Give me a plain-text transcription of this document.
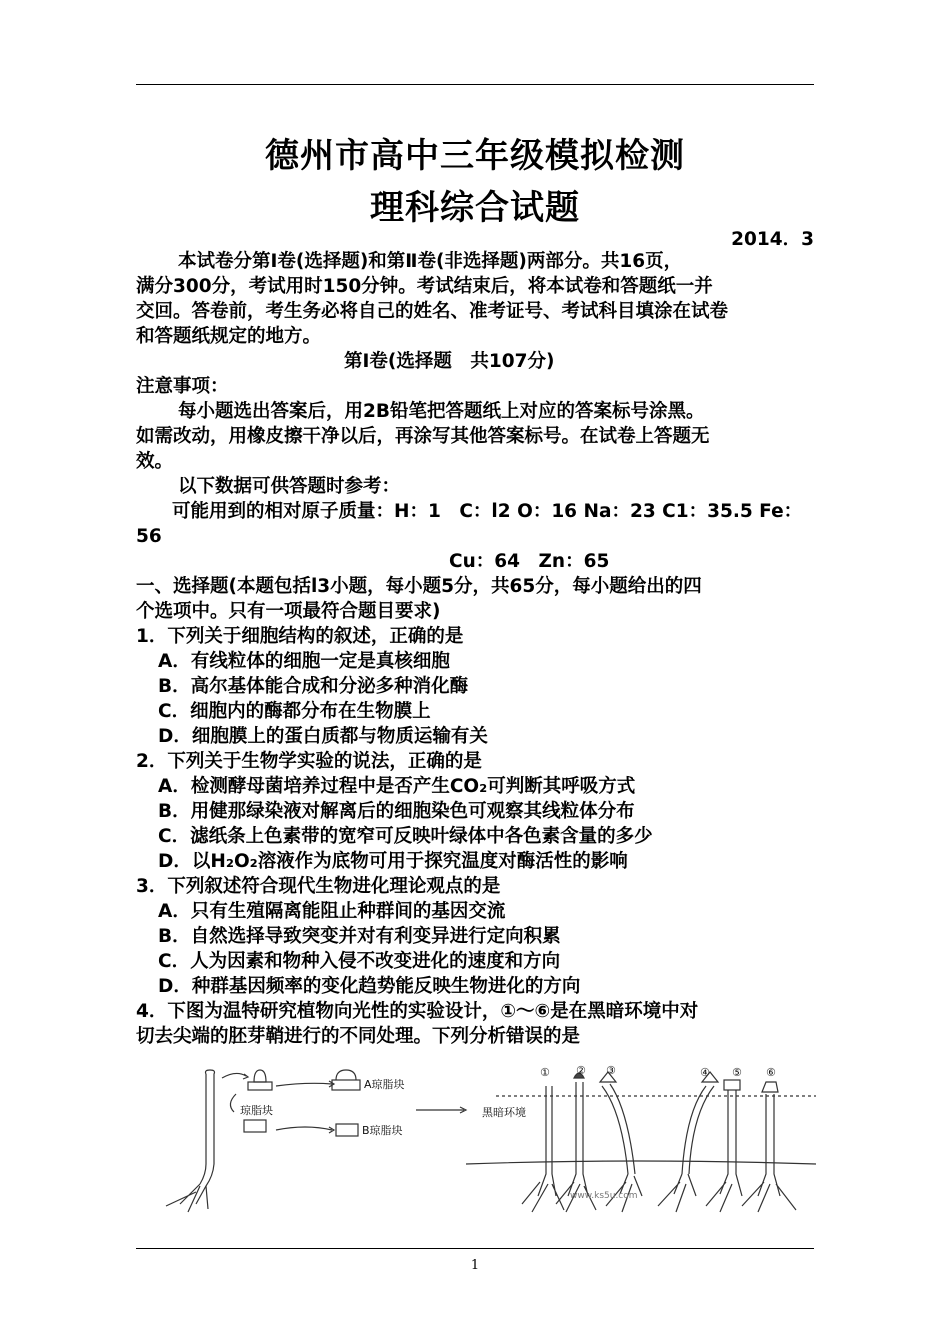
德州市高中三年级模拟检测
理科综合试题
2014．3
本试卷分第Ⅰ卷(选择题)和第Ⅱ卷(非选择题)两部分。共16页，
满分300分，考试用时150分钟。考试结束后，将本试卷和答题纸一并
交回。答卷前，考生务必将自己的姓名、准考证号、考试科目填涂在试卷
和答题纸规定的地方。
第Ⅰ卷(选择题　共107分)
注意事项：
每小题选出答案后，用2B铅笔把答题纸上对应的答案标号涂黑。
如需改动，用橡皮擦干净以后，再涂写其他答案标号。在试卷上答题无
效。
以下数据可供答题时参考：
可能用到的相对原子质量：H：1　C：l2 O：16 Na：23 C1：35.5 Fe：
56
Cu：64　Zn：65
一、选择题(本题包括l3小题，每小题5分，共65分，每小题给出的四
个选项中。只有一项最符合题目要求)
1．下列关于细胞结构的叙述，正确的是
A．有线粒体的细胞一定是真核细胞
B．高尔基体能合成和分泌多种消化酶
C．细胞内的酶都分布在生物膜上
D．细胞膜上的蛋白质都与物质运输有关
2．下列关于生物学实验的说法，正确的是
A．检测酵母菌培养过程中是否产生CO₂可判断其呼吸方式
B．用健那绿染液对解离后的细胞染色可观察其线粒体分布
C．滤纸条上色素带的宽窄可反映叶绿体中各色素含量的多少
D．以H₂O₂溶液作为底物可用于探究温度对酶活性的影响
3．下列叙述符合现代生物进化理论观点的是
A．只有生殖隔离能阻止种群间的基因交流
B．自然选择导致突变并对有利变异进行定向积累
C．人为因素和物种入侵不改变进化的速度和方向
D．种群基因频率的变化趋势能反映生物进化的方向
4．下图为温特研究植物向光性的实验设计，①～⑥是在黑暗环境中对
切去尖端的胚芽鞘进行的不同处理。下列分析错误的是
琼脂块
A琼脂块
B琼脂块
黑暗环境
① ② ③	④ ⑤ ⑥
www.ks5u.com
1
